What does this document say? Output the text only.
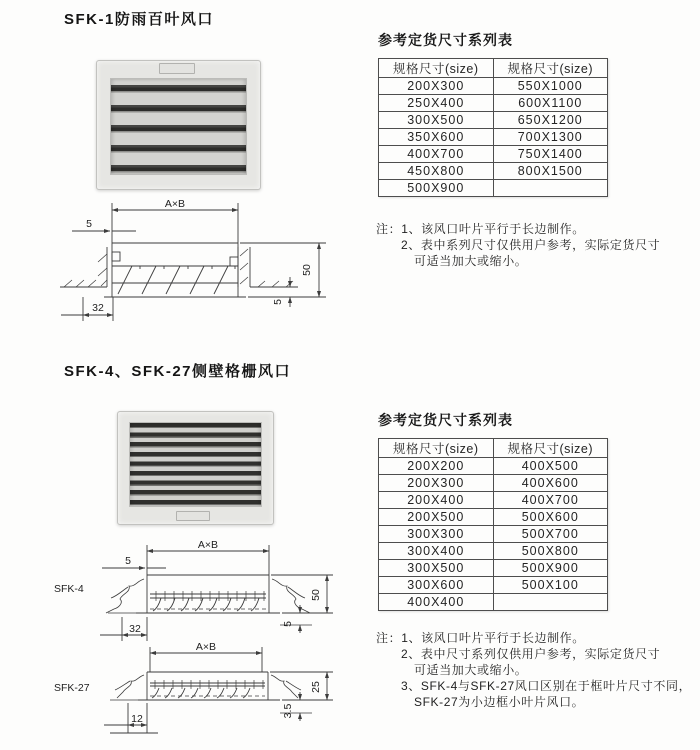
SFK-1防雨百叶风口
A×B
5
50
32	5
参考定货尺寸系列表
规格尺寸(size)	规格尺寸(size)
200X300	550X1000
250X400	600X1100
300X500	650X1200
350X600	700X1300
400X700	750X1400
450X800	800X1500
500X900	
注：1、该风口叶片平行于长边制作。
2、表中系列尺寸仅供用户参考，实际定货尺寸
可适当加大或缩小。
SFK-4、SFK-27侧壁格栅风口
SFK-4
A×B
5
50
32	5
SFK-27
A×B
25
12
3.5
参考定货尺寸系列表
规格尺寸(size)	规格尺寸(size)
200X200	400X500
200X300	400X600
200X400	400X700
200X500	500X600
300X300	500X700
300X400	500X800
300X500	500X900
300X600	500X100
400X400	
注：1、该风口叶片平行于长边制作。
2、表中尺寸系列仅供用户参考，实际定货尺寸
可适当加大或缩小。
3、SFK-4与SFK-27风口区别在于框叶片尺寸不同，
SFK-27为小边框小叶片风口。
